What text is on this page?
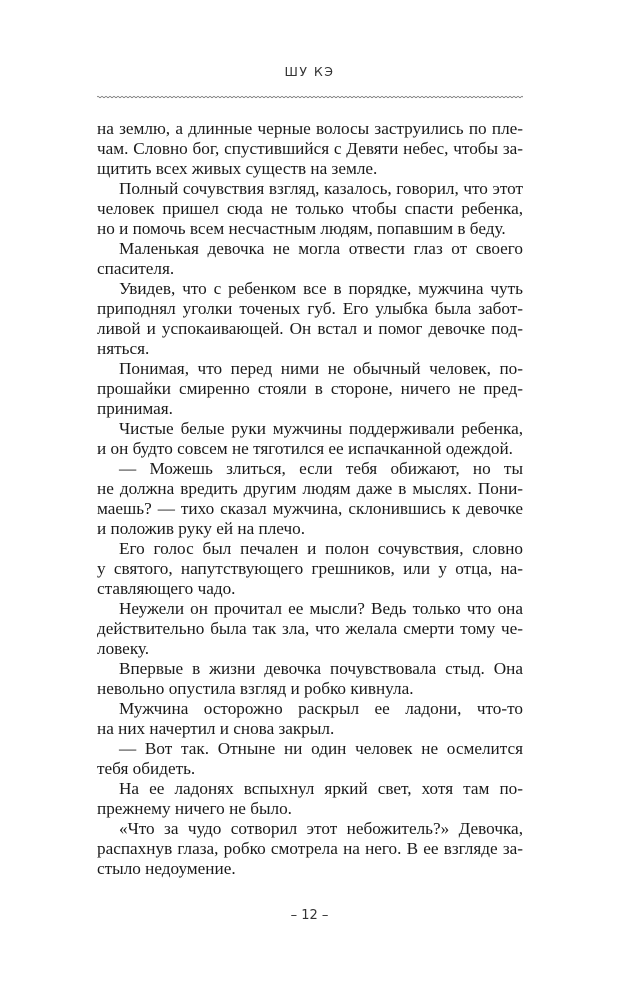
ШУ КЭ
на землю, а длинные черные волосы заструились по пле-
чам. Словно бог, спустившийся с Девяти небес, чтобы за-
щитить всех живых существ на земле.
Полный сочувствия взгляд, казалось, говорил, что этот
человек пришел сюда не только чтобы спасти ребенка,
но и помочь всем несчастным людям, попавшим в беду.
Маленькая девочка не могла отвести глаз от своего
спасителя.
Увидев, что с ребенком все в порядке, мужчина чуть
приподнял уголки точеных губ. Его улыбка была забот-
ливой и успокаивающей. Он встал и помог девочке под-
няться.
Понимая, что перед ними не обычный человек, по-
прошайки смиренно стояли в стороне, ничего не пред-
принимая.
Чистые белые руки мужчины поддерживали ребенка,
и он будто совсем не тяготился ее испачканной одеждой.
— Можешь злиться, если тебя обижают, но ты
не должна вредить другим людям даже в мыслях. Пони-
маешь? — тихо сказал мужчина, склонившись к девочке
и положив руку ей на плечо.
Его голос был печален и полон сочувствия, словно
у святого, напутствующего грешников, или у отца, на-
ставляющего чадо.
Неужели он прочитал ее мысли? Ведь только что она
действительно была так зла, что желала смерти тому че-
ловеку.
Впервые в жизни девочка почувствовала стыд. Она
невольно опустила взгляд и робко кивнула.
Мужчина осторожно раскрыл ее ладони, что-то
на них начертил и снова закрыл.
— Вот так. Отныне ни один человек не осмелится
тебя обидеть.
На ее ладонях вспыхнул яркий свет, хотя там по-
прежнему ничего не было.
«Что за чудо сотворил этот небожитель?» Девочка,
распахнув глаза, робко смотрела на него. В ее взгляде за-
стыло недоумение.
– 12 –
